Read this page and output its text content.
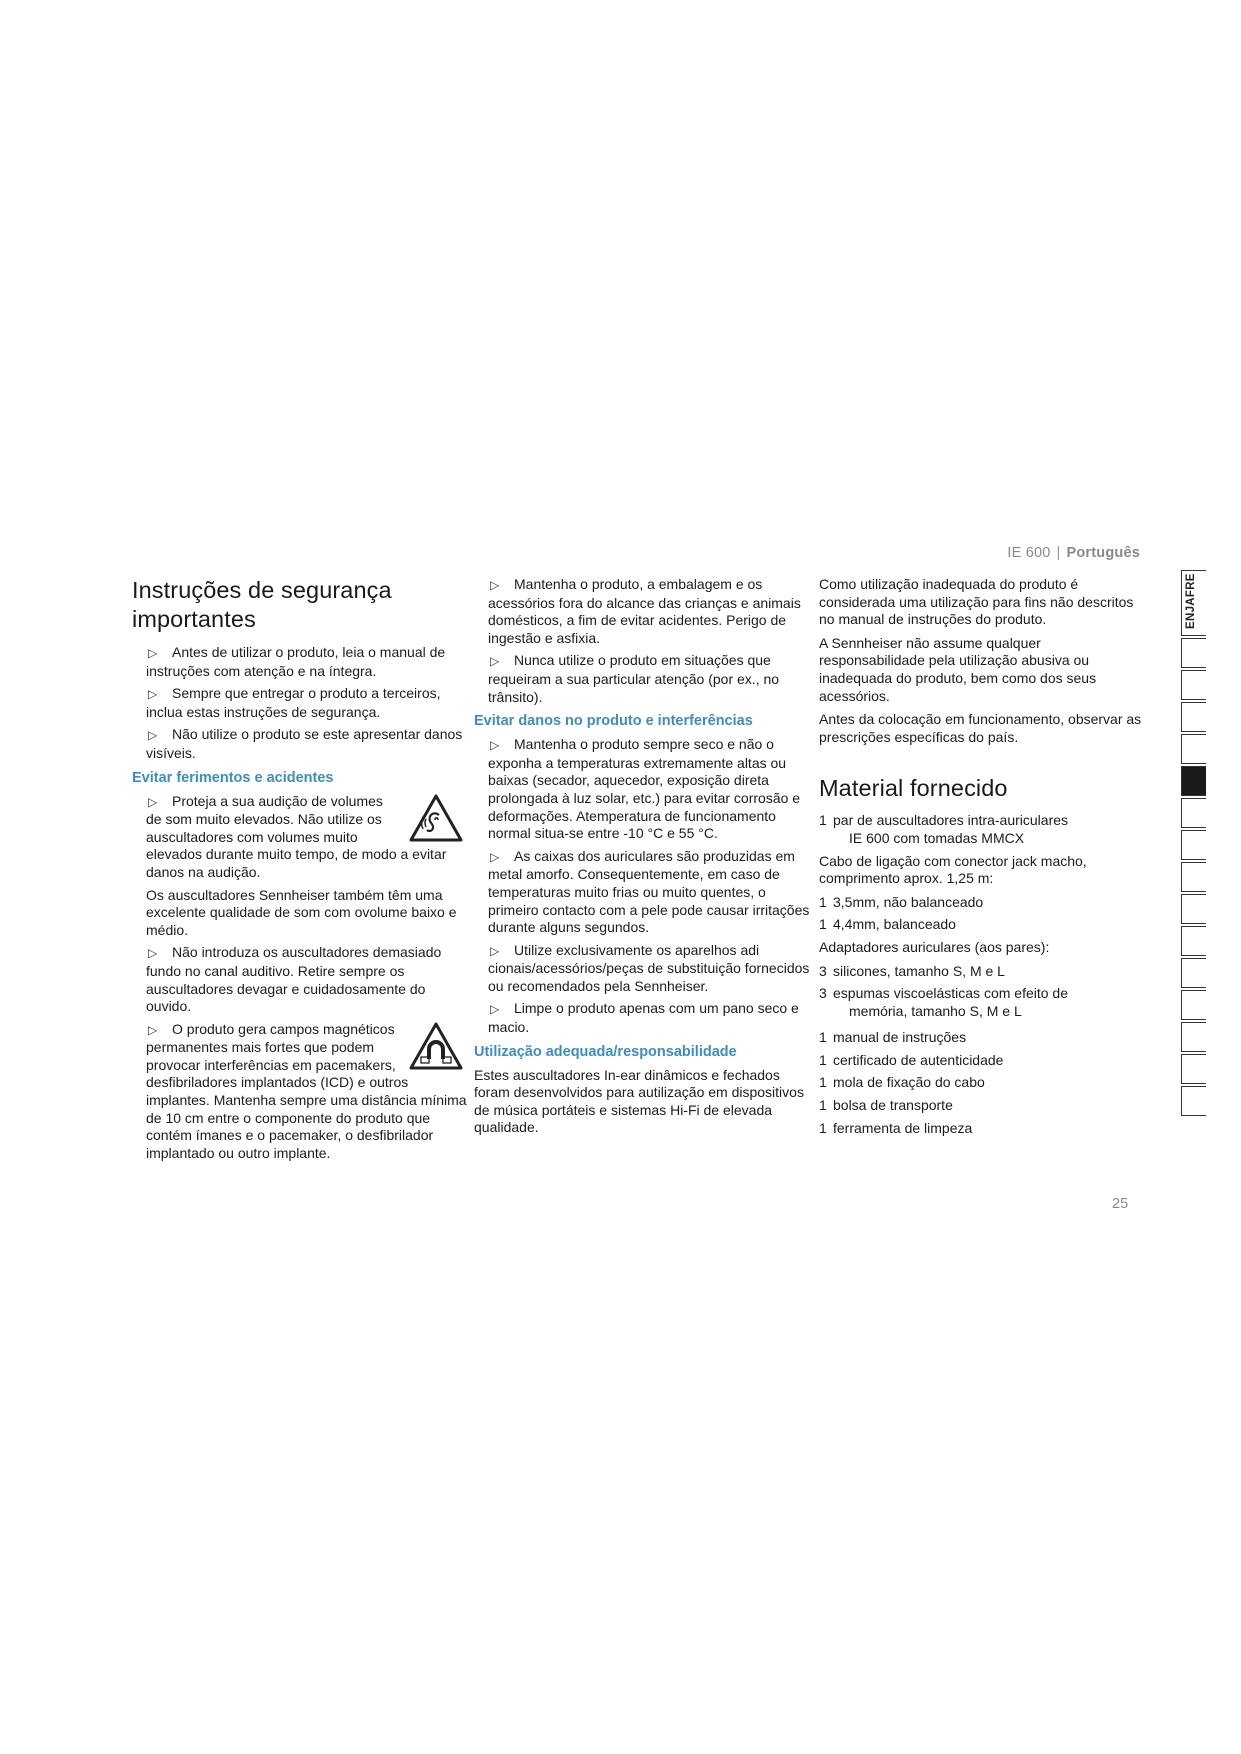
IE 600 | Português
Instruções de segurança importantes

▷ Antes de utilizar o produto, leia o manual de instruções com atenção e na íntegra.

▷ Sempre que entregar o produto a terceiros, inclua estas instruções de segurança.

▷ Não utilize o produto se este apresentar danos visíveis.

Evitar ferimentos e acidentes

▷ Proteja a sua audição de volumes de som muito elevados. Não utilize os auscultadores com volumes muito elevados durante muito tempo, de modo a evitar danos na audição.

Os auscultadores Sennheiser também têm uma excelente qualidade de som com ovolume baixo e médio.

▷ Não introduza os auscultadores demasiado fundo no canal auditivo. Retire sempre os auscultadores devagar e cuidadosamente do ouvido.

▷ O produto gera campos magnéticos permanentes mais fortes que podem provocar interferências em pacemakers, desfibriladores implantados (ICD) e outros implantes. Mantenha sempre uma distância mínima de 10 cm entre o componente do produto que contém ímanes e o pacemaker, o desfibrilador implantado ou outro implante.

▷ Mantenha o produto, a embalagem e os acessórios fora do alcance das crianças e animais domésticos, a fim de evitar acidentes. Perigo de ingestão e asfixia.

▷ Nunca utilize o produto em situações que requeiram a sua particular atenção (por ex., no trânsito).

Evitar danos no produto e interferências

▷ Mantenha o produto sempre seco e não o exponha a temperaturas extremamente altas ou baixas (secador, aquecedor, exposição direta prolongada à luz solar, etc.) para evitar corrosão e deformações. Atemperatura de funcionamento normal situa-se entre -10 °C e 55 °C.

▷ As caixas dos auriculares são produzidas em metal amorfo. Consequentemente, em caso de temperaturas muito frias ou muito quentes, o primeiro contacto com a pele pode causar irritações durante alguns segundos.

▷ Utilize exclusivamente os aparelhos adi cionais/acessórios/peças de substituição fornecidos ou recomendados pela Sennheiser.

▷ Limpe o produto apenas com um pano seco e macio.

Utilização adequada/responsabilidade

Estes auscultadores In-ear dinâmicos e fechados foram desenvolvidos para autilização em dispositivos de música portáteis e sistemas Hi-Fi de elevada qualidade.

Como utilização inadequada do produto é considerada uma utilização para fins não descritos no manual de instruções do produto.

A Sennheiser não assume qualquer responsabilidade pela utilização abusiva ou inadequada do produto, bem como dos seus acessórios.

Antes da colocação em funcionamento, observar as prescrições específicas do país.

Material fornecido
1 par de auscultadores intra-auriculares
IE 600 com tomadas MMCX

Cabo de ligação com conector jack macho, comprimento aprox. 1,25 m:

1 3,5mm, não balanceado
1 4,4mm, balanceado

Adaptadores auriculares (aos pares):

3 silicones, tamanho S, M e L
3 espumas viscoelásticas com efeito de
memória, tamanho S, M e L
1 manual de instruções
1 certificado de autenticidade
1 mola de fixação do cabo
1 bolsa de transporte
1 ferramenta de limpeza
ENJAFRE
25
